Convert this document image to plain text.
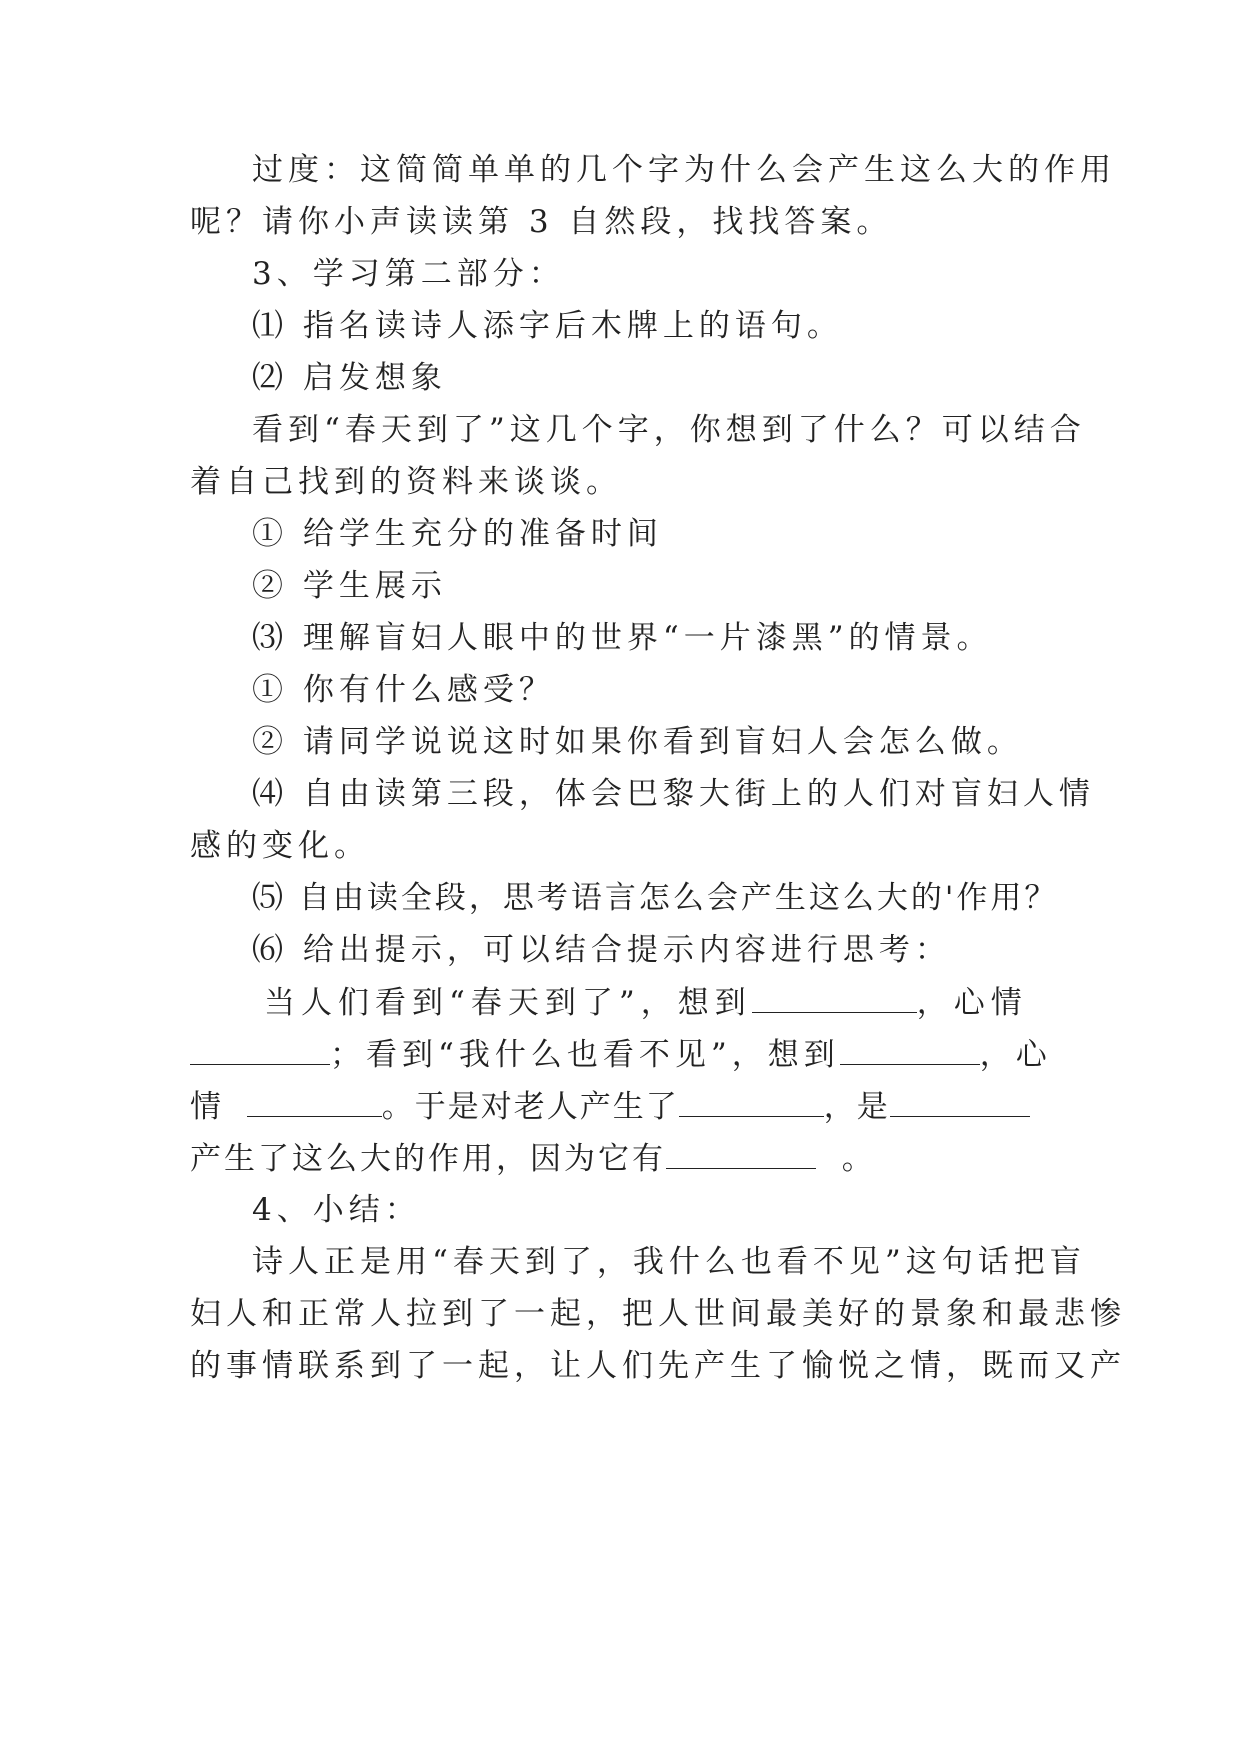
过度：这简简单单的几个字为什么会产生这么大的作用
呢？请你小声读读第 3 自然段，找找答案。
3、学习第二部分：
⑴ 指名读诗人添字后木牌上的语句。
⑵ 启发想象
看到“春天到了”这几个字，你想到了什么？可以结合
着自己找到的资料来谈谈。
① 给学生充分的准备时间
② 学生展示
⑶ 理解盲妇人眼中的世界“一片漆黑”的情景。
① 你有什么感受？
② 请同学说说这时如果你看到盲妇人会怎么做。
⑷ 自由读第三段，体会巴黎大街上的人们对盲妇人情
感的变化。
⑸ 自由读全段，思考语言怎么会产生这么大的'作用？
⑹ 给出提示，可以结合提示内容进行思考：
当人们看到“春天到了”，想到	，心情
；看到“我什么也看不见”，想到	，心
情	。于是对老人产生了	，是
产生了这么大的作用，因为它有	。
4、小结：
诗人正是用“春天到了，我什么也看不见”这句话把盲
妇人和正常人拉到了一起，把人世间最美好的景象和最悲惨
的事情联系到了一起，让人们先产生了愉悦之情，既而又产
